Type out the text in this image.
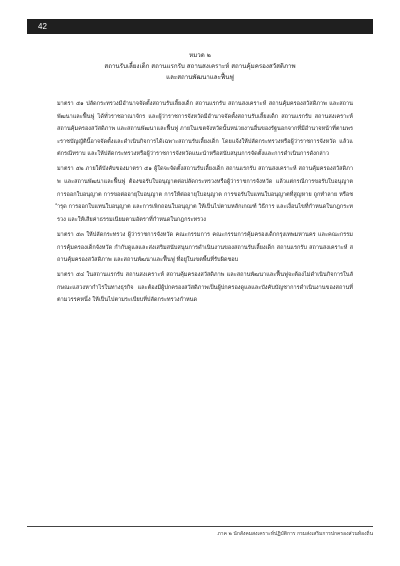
42
หมวด ๒
สถานรับเลี้ยงเด็ก สถานแรกรับ สถานสงเคราะห์ สถานคุ้มครองสวัสดิภาพ
และสถานพัฒนาและฟื้นฟู

มาตรา ๕๑ ปลัดกระทรวงมีอำนาจจัดตั้งสถานรับเลี้ยงเด็ก สถานแรกรับ สถานสงเคราะห์ สถานคุ้มครองสวัสดิภาพ และสถานพัฒนาและฟื้นฟู ได้ทั่วราชอาณาจักร และผู้ว่าราชการจังหวัดมีอำนาจจัดตั้งสถานรับเลี้ยงเด็ก สถานแรกรับ สถานสงเคราะห์ สถานคุ้มครองสวัสดิภาพ และสถานพัฒนาและฟื้นฟู ภายในเขตจังหวัดนั้นหน่วยงานอื่นของรัฐนอกจากที่มีอำนาจหน้าที่ตามพระราชบัญญัตินี้อาจจัดตั้งและดำเนินกิจการได้เฉพาะสถานรับเลี้ยงเด็ก โดยแจ้งให้ปลัดกระทรวงหรือผู้ว่าราชการจังหวัด แล้วแต่กรณีทราบ และให้ปลัดกระทรวงหรือผู้ว่าราชการจังหวัดแนะนำหรือสนับสนุนการจัดตั้งและการดำเนินการดังกล่าว

มาตรา ๕๒ ภายใต้บังคับของมาตรา ๕๑ ผู้ใดจะจัดตั้งสถานรับเลี้ยงเด็ก สถานแรกรับ สถานสงเคราะห์ สถานคุ้มครองสวัสดิภาพ และสถานพัฒนาและฟื้นฟู ต้องขอรับใบอนุญาตต่อปลัดกระทรวงหรือผู้ว่าราชการจังหวัด แล้วแต่กรณีการขอรับใบอนุญาต การออกใบอนุญาต การขอต่ออายุใบอนุญาต การให้ต่ออายุใบอนุญาต การขอรับใบแทนใบอนุญาตที่สูญหาย ถูกทำลาย หรือชำรุด การออกใบแทนใบอนุญาต และการเพิกถอนใบอนุญาต ให้เป็นไปตามหลักเกณฑ์ วิธีการ และเงื่อนไขที่กำหนดในกฎกระทรวง และให้เสียค่าธรรมเนียมตามอัตราที่กำหนดในกฎกระทรวง

มาตรา ๕๓ ให้ปลัดกระทรวง ผู้ว่าราชการจังหวัด คณะกรรมการ คณะกรรมการคุ้มครองเด็กกรุงเทพมหานคร และคณะกรรมการคุ้มครองเด็กจังหวัด กำกับดูแลและส่งเสริมสนับสนุนการดำเนินงานของสถานรับเลี้ยงเด็ก สถานแรกรับ สถานสงเคราะห์ สถานคุ้มครองสวัสดิภาพ และสถานพัฒนาและฟื้นฟู ที่อยู่ในเขตพื้นที่รับผิดชอบ

มาตรา ๕๔ ในสถานแรกรับ สถานสงเคราะห์ สถานคุ้มครองสวัสดิภาพ และสถานพัฒนาและฟื้นฟูจะต้องไม่ดำเนินกิจการในลักษณะแสวงหากำไรในทางธุรกิจ และต้องมีผู้ปกครองสวัสดิภาพเป็นผู้ปกครองดูแลและบังคับบัญชาการดำเนินงานของสถานที่ตามวรรคหนึ่ง ให้เป็นไปตามระเบียบที่ปลัดกระทรวงกำหนด

ภาค ๒ นักสังคมสงเคราะห์ปฏิบัติการ กรมส่งเสริมการปกครองส่วนท้องถิ่น
